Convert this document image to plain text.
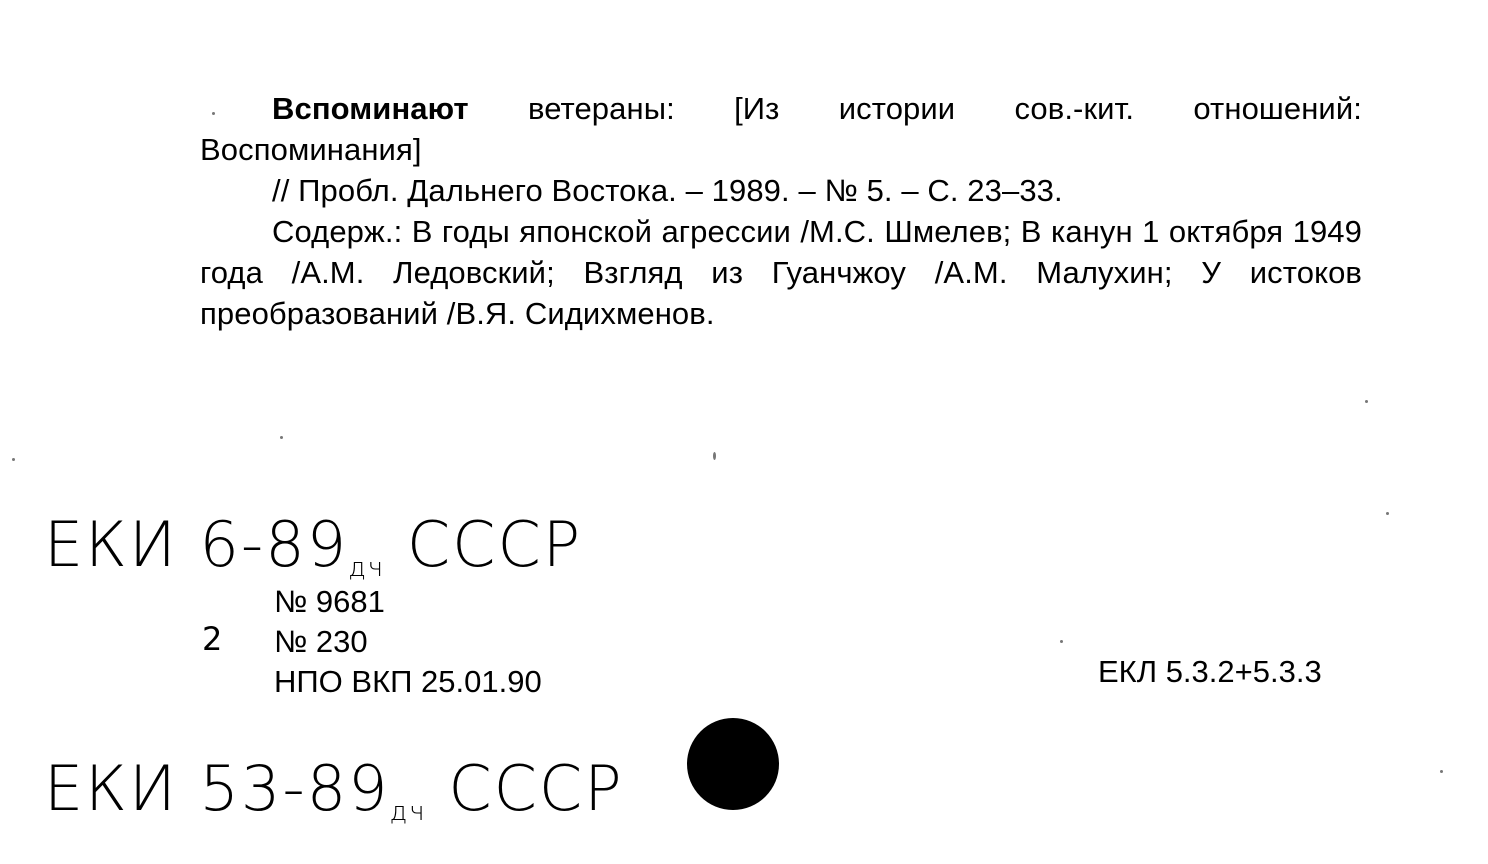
Вспоминают ветераны: [Из истории сов.-кит. отношений: Воспоминания]

// Пробл. Дальнего Востока. – 1989. – № 5. – С. 23–33.

Содерж.: В годы японской агрессии /М.С. Шмелев; В канун 1 октября 1949 года /А.М. Ледовский; Взгляд из Гуанчжоу /А.М. Малухин; У истоков преобразований /В.Я. Сидихменов.

ЕКИ 6-89дч СССР
2
№ 9681
№ 230
НПО ВКП 25.01.90	ЕКЛ 5.3.2+5.3.3
ЕКИ 53-89дч СССР
